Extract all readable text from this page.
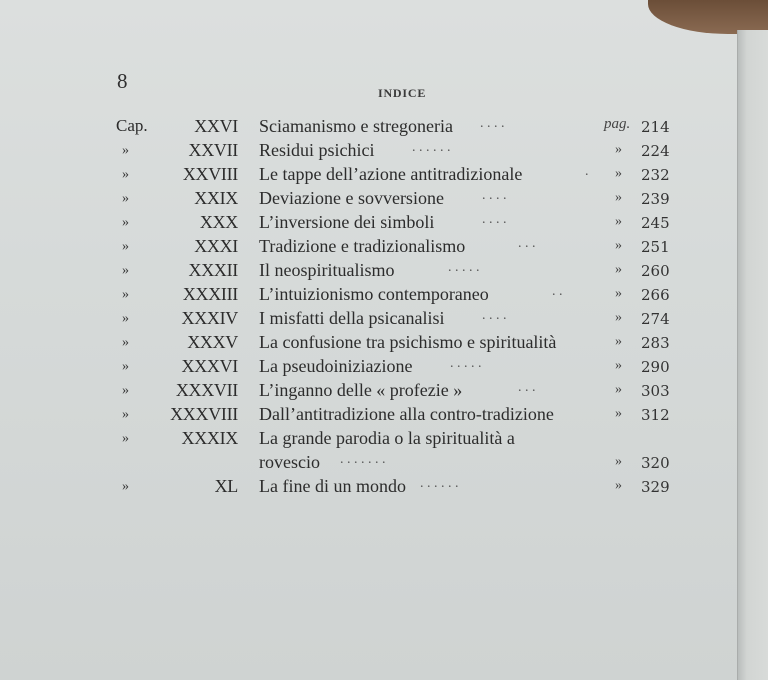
8	INDICE
Cap.	XXVI Sciamanismo e stregoneria . . . .	pag. 214
»	XXVII Residui psichici	. . . . . .	» 224
»	XXVIII Le tappe dell’azione antitradizionale	.	» 232
»	XXIX Deviazione e sovversione	. . . .	» 239
»	XXX L’inversione dei simboli	. . . .	» 245
»	XXXI Tradizione e tradizionalismo	. . .	» 251
»	XXXII Il neospiritualismo	. . . . .	» 260
»	XXXIII L’intuizionismo contemporaneo	. .	» 266
»	XXXIV I misfatti della psicanalisi	. . . .	» 274
»	XXXV La confusione tra psichismo e spiritualità	» 283
»	XXXVI La pseudoiniziazione	. . . . .	» 290
»	XXXVII L’inganno delle « profezie »	. . .	» 303
» XXXVIII Dall’antitradizione alla contro-tradizione	» 312
»	XXXIX La grande parodia o la spiritualità a
rovescio . . . . . . .	» 320
»	XL La fine di un mondo . . . . . .	» 329
